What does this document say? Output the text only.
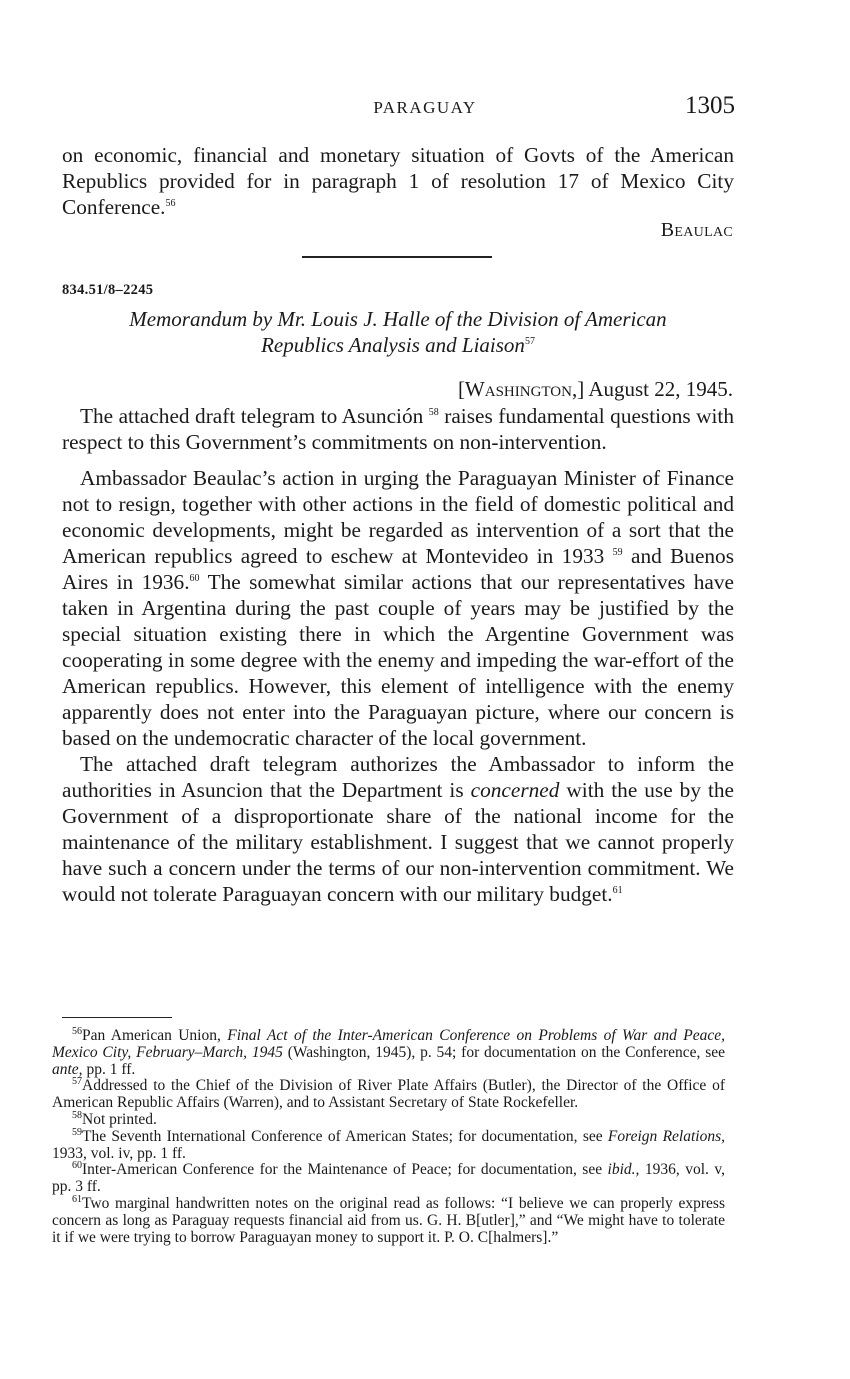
PARAGUAY	1305
on economic, financial and monetary situation of Govts of the American Republics provided for in paragraph 1 of resolution 17 of Mexico City Conference.$^{56}$
Beaulac
834.51/8–2245
Memorandum by Mr. Louis J. Halle of the Division of American
Republics Analysis and Liaison$^{57}$
[Washington,] August 22, 1945.

The attached draft telegram to Asunción $^{58}$ raises fundamental questions with respect to this Government’s commitments on non-intervention.

Ambassador Beaulac’s action in urging the Paraguayan Minister of Finance not to resign, together with other actions in the field of domestic political and economic developments, might be regarded as intervention of a sort that the American republics agreed to eschew at Montevideo in 1933 $^{59}$ and Buenos Aires in 1936.60 The somewhat similar actions that our representatives have taken in Argentina during the past couple of years may be justified by the special situation existing there in which the Argentine Government was cooperating in some degree with the enemy and impeding the war-effort of the American republics. However, this element of intelligence with the enemy apparently does not enter into the Paraguayan picture, where our concern is based on the undemocratic character of the local government.

The attached draft telegram authorizes the Ambassador to inform the authorities in Asuncion that the Department is concerned with the use by the Government of a disproportionate share of the national income for the maintenance of the military establishment. I suggest that we cannot properly have such a concern under the terms of our non-intervention commitment. We would not tolerate Paraguayan concern with our military budget.$^{61}$

$^{56}$Pan American Union, Final Act of the Inter-American Conference on Problems of War and Peace, Mexico City, February–March, 1945 (Washington, 1945), p. 54; for documentation on the Conference, see ante, pp. 1 ff.

$^{57}$Addressed to the Chief of the Division of River Plate Affairs (Butler), the Director of the Office of American Republic Affairs (Warren), and to Assistant Secretary of State Rockefeller.

$^{58}$Not printed.

$^{59}$The Seventh International Conference of American States; for documentation, see Foreign Relations, 1933, vol. iv, pp. 1 ff.

$^{60}$Inter-American Conference for the Maintenance of Peace; for documentation, see ibid., 1936, vol. v, pp. 3 ff.

$^{61}$Two marginal handwritten notes on the original read as follows: “I believe we can properly express concern as long as Paraguay requests financial aid from us. G. H. B[utler],” and “We might have to tolerate it if we were trying to borrow Paraguayan money to support it. P. O. C[halmers].”
